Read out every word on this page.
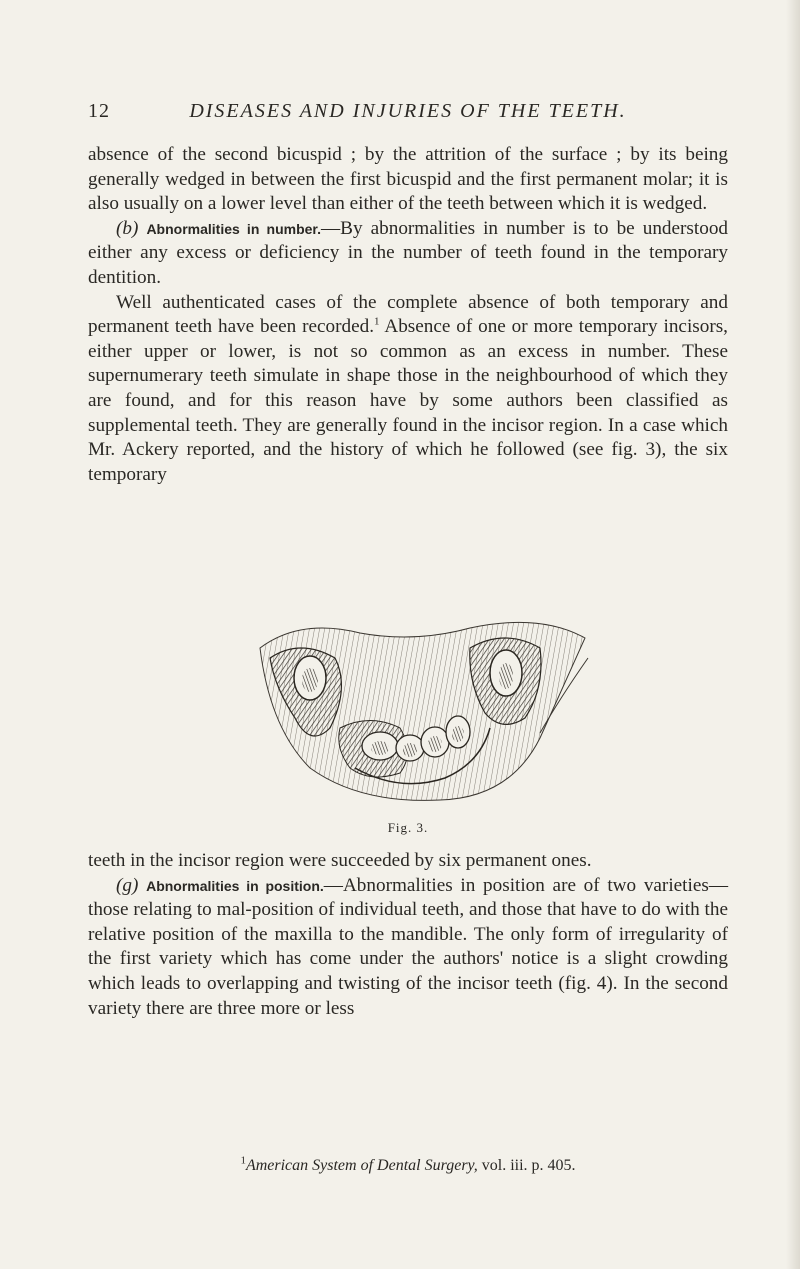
12	DISEASES AND INJURIES OF THE TEETH.

absence of the second bicuspid ; by the attrition of the surface ; by its being generally wedged in between the first bicuspid and the first permanent molar; it is also usually on a lower level than either of the teeth between which it is wedged.

(b) Abnormalities in number.—By abnormalities in number is to be understood either any excess or deficiency in the number of teeth found in the temporary dentition.

Well authenticated cases of the complete absence of both temporary and permanent teeth have been recorded.$^1$ Absence of one or more temporary incisors, either upper or lower, is not so common as an excess in number. These supernumerary teeth simulate in shape those in the neighbourhood of which they are found, and for this reason have by some authors been classified as supplemental teeth. They are generally found in the incisor region. In a case which Mr. Ackery reported, and the history of which he followed (see fig. 3), the six temporary

Fig. 3.

teeth in the incisor region were succeeded by six permanent ones.

(g) Abnormalities in position.—Abnormalities in position are of two varieties—those relating to mal-position of individual teeth, and those that have to do with the relative position of the maxilla to the mandible. The only form of irregularity of the first variety which has come under the authors' notice is a slight crowding which leads to overlapping and twisting of the incisor teeth (fig. 4). In the second variety there are three more or less

$^1$American System of Dental Surgery, vol. iii. p. 405.
